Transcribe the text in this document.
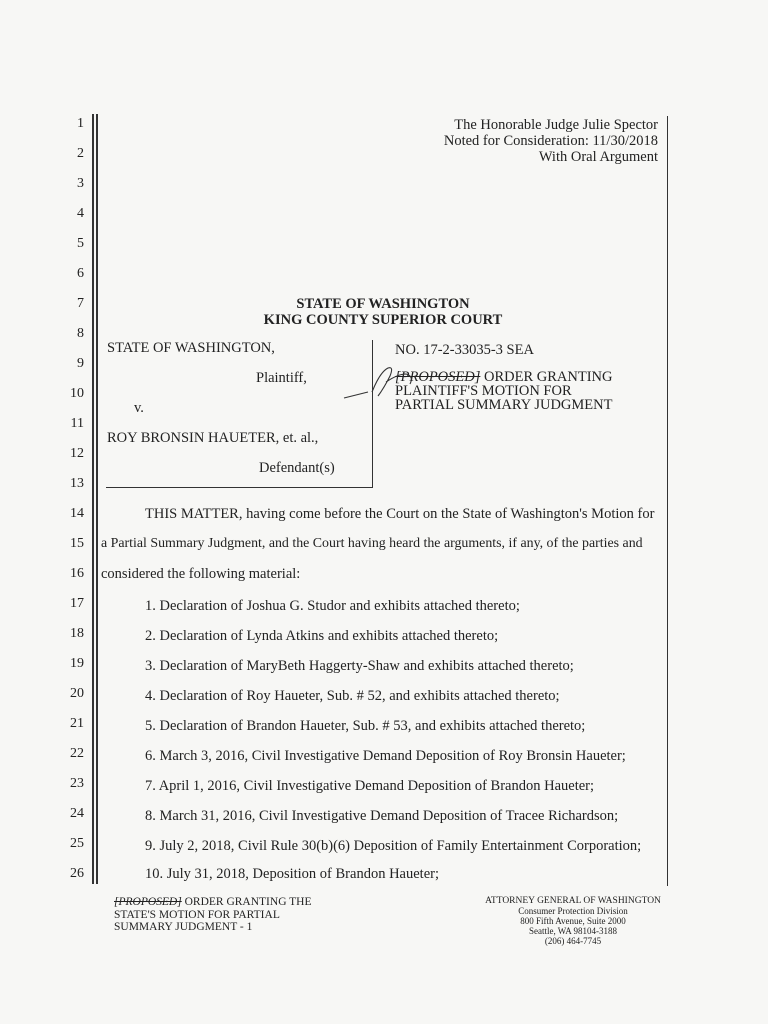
1
2
3
4
5
6
7
8
9
10
11
12
13
14
15
16
17
18
19
20
21
22
23
24
25
26
The Honorable Judge Julie Spector
Noted for Consideration: 11/30/2018
With Oral Argument
STATE OF WASHINGTON
KING COUNTY SUPERIOR COURT
STATE OF WASHINGTON,
Plaintiff,
v.
ROY BRONSIN HAUETER, et. al.,
Defendant(s)
NO. 17-2-33035-3 SEA
[PROPOSED] ORDER GRANTING
PLAINTIFF'S MOTION FOR
PARTIAL SUMMARY JUDGMENT
THIS MATTER, having come before the Court on the State of Washington's Motion for
a Partial Summary Judgment, and the Court having heard the arguments, if any, of the parties and
considered the following material:
1. Declaration of Joshua G. Studor and exhibits attached thereto;
2. Declaration of Lynda Atkins and exhibits attached thereto;
3. Declaration of MaryBeth Haggerty-Shaw and exhibits attached thereto;
4. Declaration of Roy Haueter, Sub. # 52, and exhibits attached thereto;
5. Declaration of Brandon Haueter, Sub. # 53, and exhibits attached thereto;
6. March 3, 2016, Civil Investigative Demand Deposition of Roy Bronsin Haueter;
7. April 1, 2016, Civil Investigative Demand Deposition of Brandon Haueter;
8. March 31, 2016, Civil Investigative Demand Deposition of Tracee Richardson;
9. July 2, 2018, Civil Rule 30(b)(6) Deposition of Family Entertainment Corporation;
10. July 31, 2018, Deposition of Brandon Haueter;
[PROPOSED] ORDER GRANTING THE
STATE'S MOTION FOR PARTIAL
SUMMARY JUDGMENT - 1
ATTORNEY GENERAL OF WASHINGTON
Consumer Protection Division
800 Fifth Avenue, Suite 2000
Seattle, WA 98104-3188
(206) 464-7745
